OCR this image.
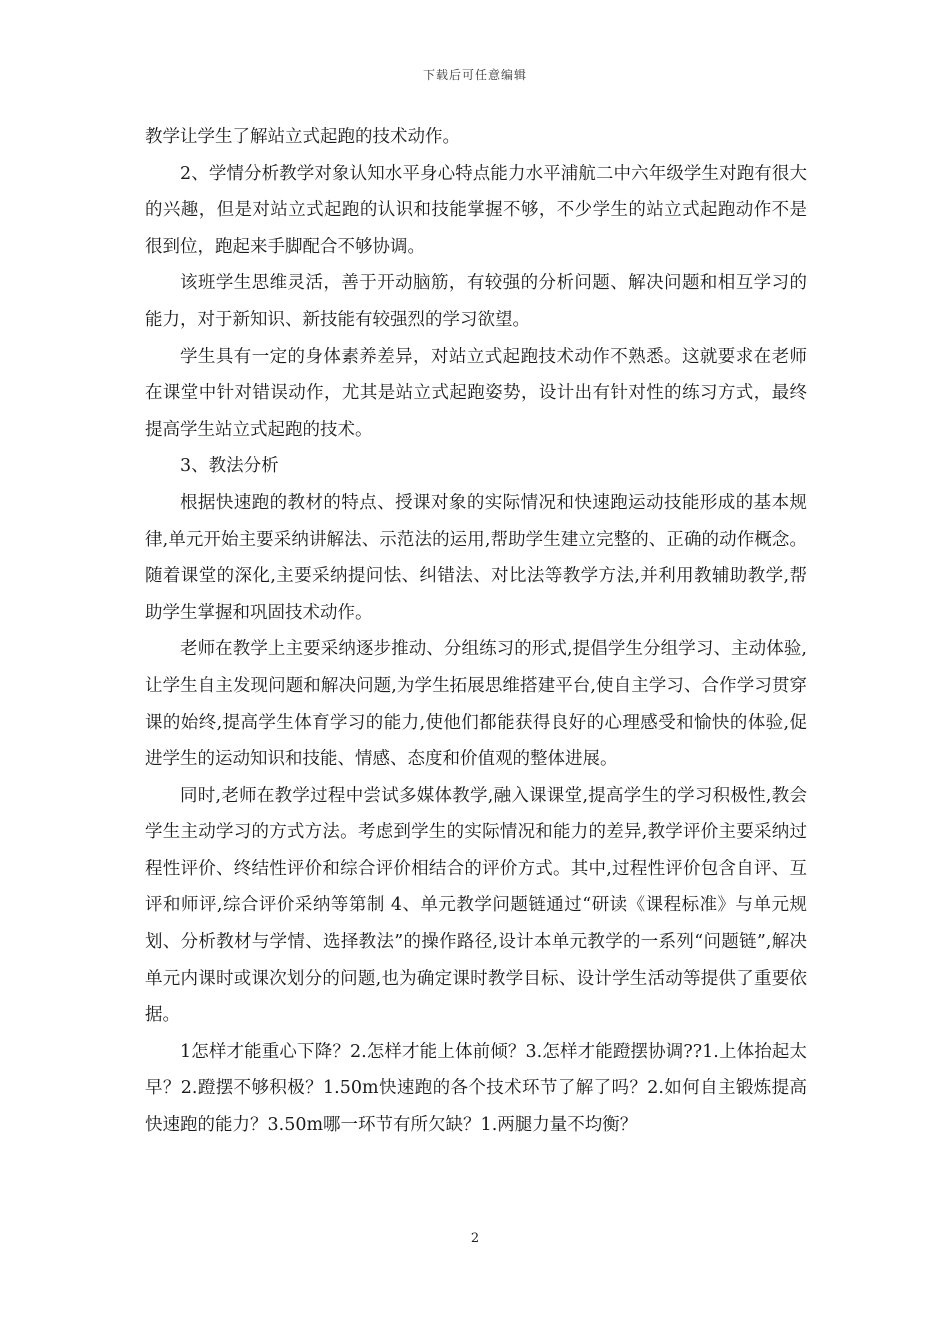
下载后可任意编辑

教学让学生了解站立式起跑的技术动作。

2、学情分析教学对象认知水平身心特点能力水平浦航二中六年级学生对跑有很大的兴趣，但是对站立式起跑的认识和技能掌握不够，不少学生的站立式起跑动作不是很到位，跑起来手脚配合不够协调。

该班学生思维灵活，善于开动脑筋，有较强的分析问题、解决问题和相互学习的能力，对于新知识、新技能有较强烈的学习欲望。

学生具有一定的身体素养差异，对站立式起跑技术动作不熟悉。这就要求在老师在课堂中针对错误动作，尤其是站立式起跑姿势，设计出有针对性的练习方式，最终提高学生站立式起跑的技术。

3、教法分析

根据快速跑的教材的特点、授课对象的实际情况和快速跑运动技能形成的基本规律,单元开始主要采纳讲解法、示范法的运用,帮助学生建立完整的、正确的动作概念。随着课堂的深化,主要采纳提问怯、纠错法、对比法等教学方法,并利用教辅助教学,帮助学生掌握和巩固技术动作。

老师在教学上主要采纳逐步推动、分组练习的形式,提倡学生分组学习、主动体验,让学生自主发现问题和解决问题,为学生拓展思维搭建平台,使自主学习、合作学习贯穿课的始终,提高学生体育学习的能力,使他们都能获得良好的心理感受和愉快的体验,促进学生的运动知识和技能、情感、态度和价值观的整体进展。

同时,老师在教学过程中尝试多媒体教学,融入课课堂,提高学生的学习积极性,教会学生主动学习的方式方法。考虑到学生的实际情况和能力的差异,教学评价主要采纳过程性评价、终结性评价和综合评价相结合的评价方式。其中,过程性评价包含自评、互评和师评,综合评价采纳等第制 4、单元教学问题链通过“研读《课程标准》与单元规划、分析教材与学情、选择教法”的操作路径,设计本单元教学的一系列“问题链”,解决单元内课时或课次划分的问题,也为确定课时教学目标、设计学生活动等提供了重要依据。

1怎样才能重心下降？2.怎样才能上体前倾？3.怎样才能蹬摆协调??1.上体抬起太早？2.蹬摆不够积极？1.50m快速跑的各个技术环节了解了吗？2.如何自主锻炼提高快速跑的能力？3.50m哪一环节有所欠缺？1.两腿力量不均衡？

2
